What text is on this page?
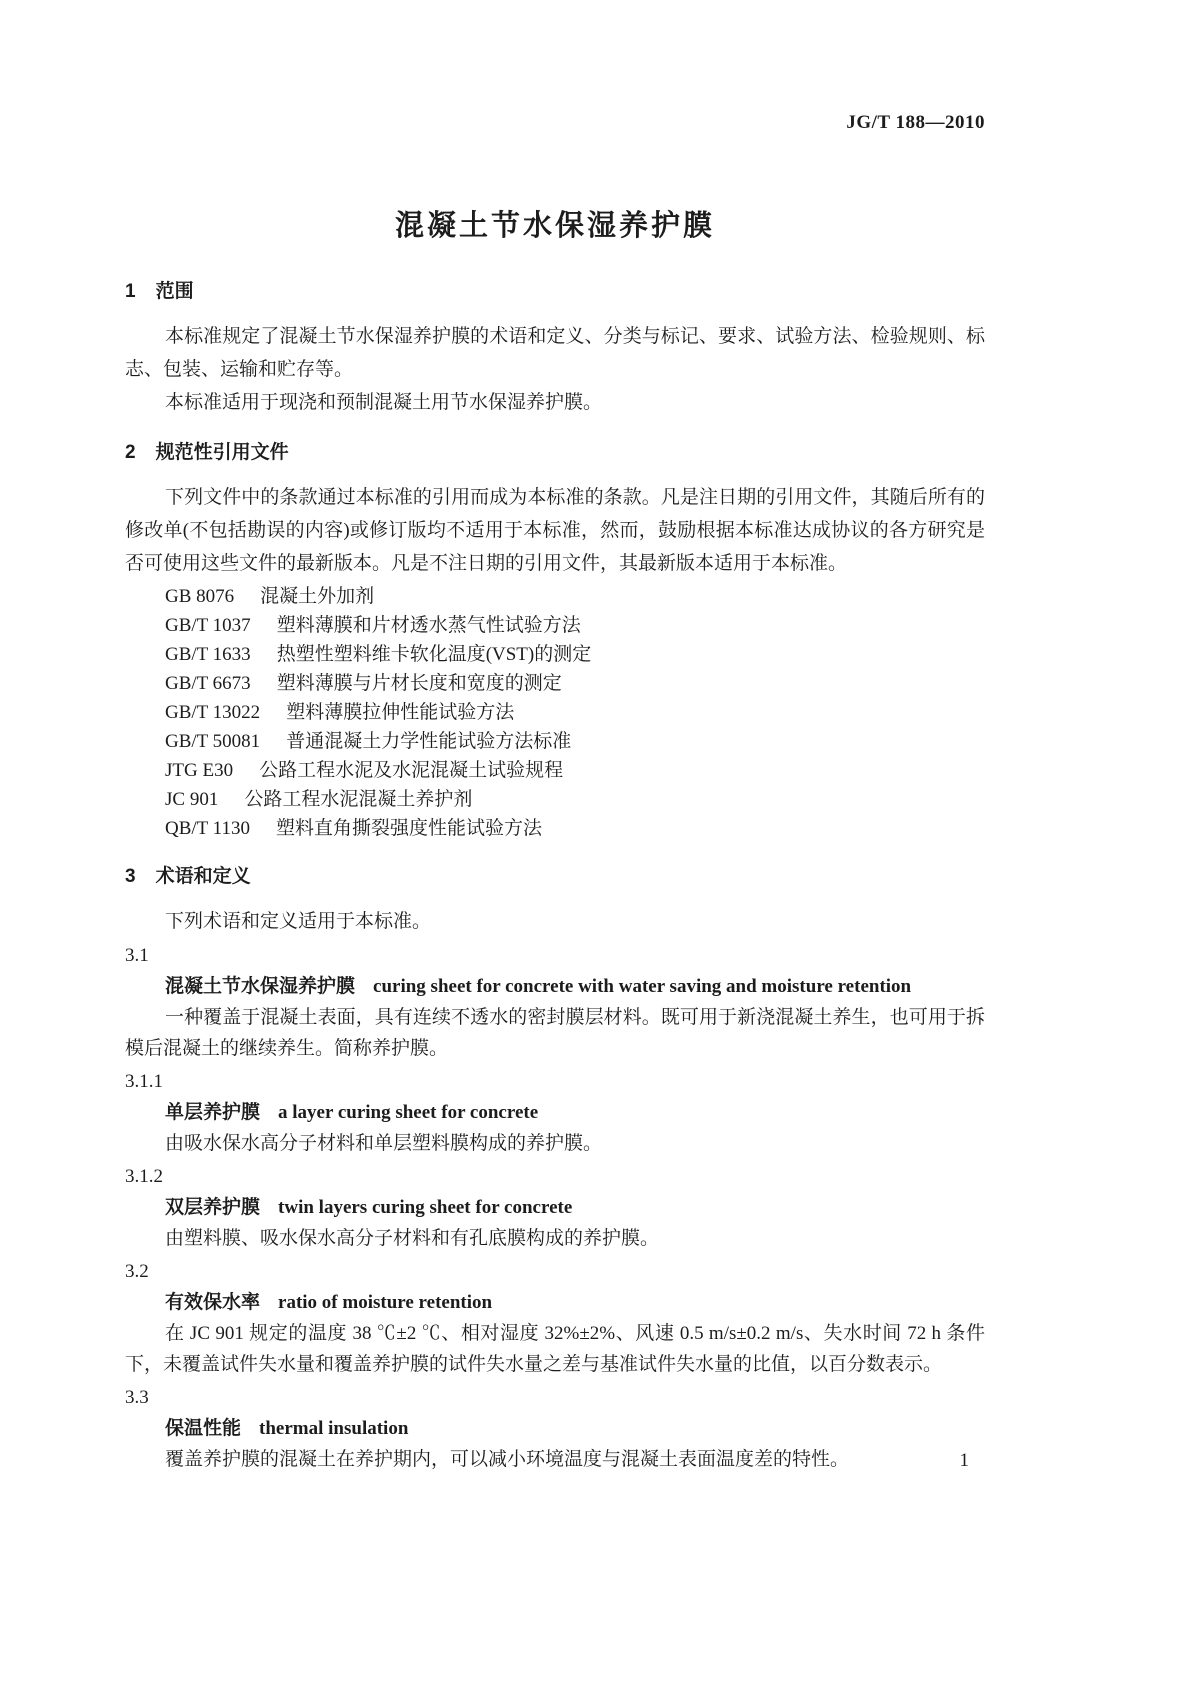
JG/T 188—2010
混凝土节水保湿养护膜
1 范围

本标准规定了混凝土节水保湿养护膜的术语和定义、分类与标记、要求、试验方法、检验规则、标志、包装、运输和贮存等。

本标准适用于现浇和预制混凝土用节水保湿养护膜。

2 规范性引用文件

下列文件中的条款通过本标准的引用而成为本标准的条款。凡是注日期的引用文件，其随后所有的修改单(不包括勘误的内容)或修订版均不适用于本标准，然而，鼓励根据本标准达成协议的各方研究是否可使用这些文件的最新版本。凡是不注日期的引用文件，其最新版本适用于本标准。

GB 8076 混凝土外加剂
GB/T 1037 塑料薄膜和片材透水蒸气性试验方法
GB/T 1633 热塑性塑料维卡软化温度(VST)的测定
GB/T 6673 塑料薄膜与片材长度和宽度的测定
GB/T 13022 塑料薄膜拉伸性能试验方法
GB/T 50081 普通混凝土力学性能试验方法标准
JTG E30 公路工程水泥及水泥混凝土试验规程
JC 901 公路工程水泥混凝土养护剂
QB/T 1130 塑料直角撕裂强度性能试验方法
3 术语和定义

下列术语和定义适用于本标准。

3.1
混凝土节水保湿养护膜 curing sheet for concrete with water saving and moisture retention

一种覆盖于混凝土表面，具有连续不透水的密封膜层材料。既可用于新浇混凝土养生，也可用于拆模后混凝土的继续养生。简称养护膜。

3.1.1
单层养护膜 a layer curing sheet for concrete

由吸水保水高分子材料和单层塑料膜构成的养护膜。

3.1.2
双层养护膜 twin layers curing sheet for concrete

由塑料膜、吸水保水高分子材料和有孔底膜构成的养护膜。

3.2
有效保水率 ratio of moisture retention

在 JC 901 规定的温度 38 ℃±2 ℃、相对湿度 32%±2%、风速 0.5 m/s±0.2 m/s、失水时间 72 h 条件下，未覆盖试件失水量和覆盖养护膜的试件失水量之差与基准试件失水量的比值，以百分数表示。

3.3
保温性能 thermal insulation

覆盖养护膜的混凝土在养护期内，可以减小环境温度与混凝土表面温度差的特性。	1
